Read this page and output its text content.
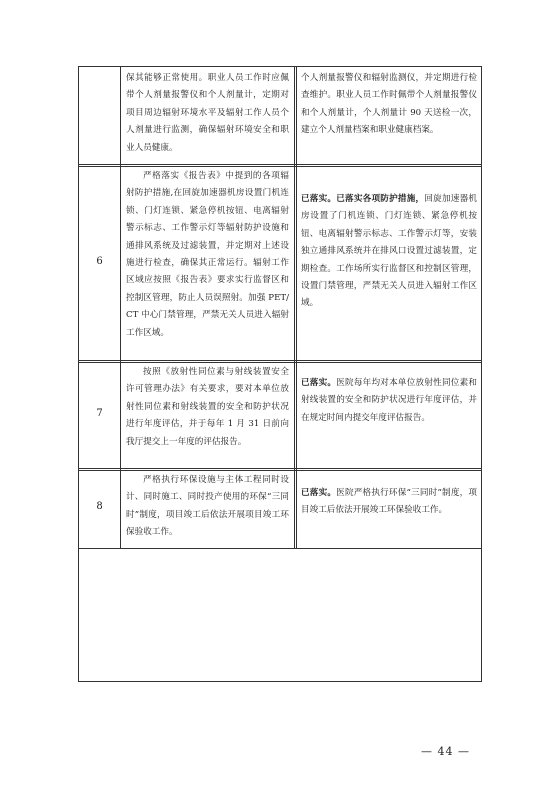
保其能够正常使用。职业人员工作时应佩带个人剂量报警仪和个人剂量计，定期对项目周边辐射环境水平及辐射工作人员个人剂量进行监测，确保辐射环境安全和职业人员健康。
个人剂量报警仪和辐射监测仪，并定期进行检查维护。职业人员工作时佩带个人剂量报警仪和个人剂量计，个人剂量计 90 天送检一次，建立个人剂量档案和职业健康档案。
6
严格落实《报告表》中提到的各项辐射防护措施,在回旋加速器机房设置门机连锁、门灯连锁、紧急停机按钮、电离辐射警示标志、工作警示灯等辐射防护设施和通排风系统及过滤装置，并定期对上述设施进行检查，确保其正常运行。辐射工作区域应按照《报告表》要求实行监督区和控制区管理，防止人员误照射。加强 PET/CT 中心门禁管理，严禁无关人员进入辐射工作区域。
已落实。已落实各项防护措施，回旋加速器机房设置了门机连锁、门灯连锁、紧急停机按钮、电离辐射警示标志、工作警示灯等，安装独立通排风系统并在排风口设置过滤装置，定期检查。工作场所实行监督区和控制区管理，设置门禁管理，严禁无关人员进入辐射工作区域。
7
按照《放射性同位素与射线装置安全许可管理办法》有关要求，要对本单位放射性同位素和射线装置的安全和防护状况进行年度评估，并于每年 1 月 31 日前向我厅提交上一年度的评估报告。
已落实。医院每年均对本单位放射性同位素和射线装置的安全和防护状况进行年度评估，并在规定时间内提交年度评估报告。
8
严格执行环保设施与主体工程同时设计、同时施工、同时投产使用的环保“三同时”制度，项目竣工后依法开展项目竣工环保验收工作。
已落实。医院严格执行环保“三同时”制度，项目竣工后依法开展竣工环保验收工作。
— 44 —
